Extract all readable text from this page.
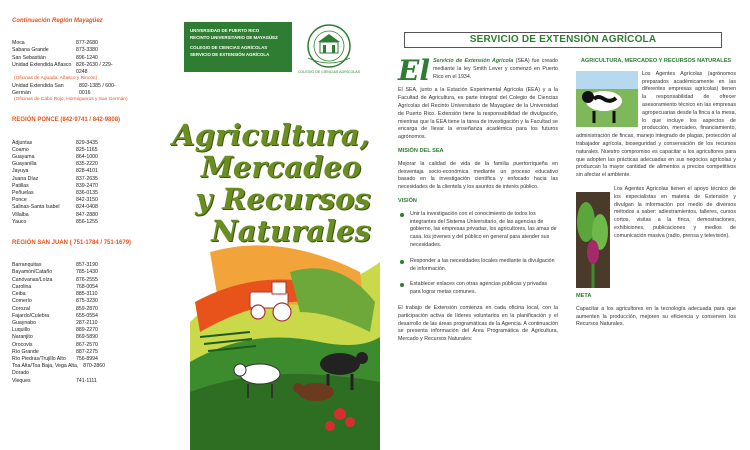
Continuación Región Mayagüez
Moca	877-2680
Sabana Grande	873-3380
San Sebastián	896-1240
Unidad Extendida Añasco 826-2630 / 229-0248
(Oficinas de Aguada, Añasco y Rincón)
Unidad Extendida San Germán
892-1385 / 600-0016
(Oficinas de Cabo Rojo, Hormigueros y San Germán)
REGIÓN PONCE (842-9741 / 842-9808)
Adjuntas	829-3435
Coamo	825-1165
Guayama	864-1000
Guayanilla	835-2220
Jayuya	828-4101
Juana Díaz	837-2635
Patillas	839-2470
Peñuelas	836-0135
Ponce	842-3150
Salinas-Santa Isabel	824-0408
Villalba	847-2880
Yauco	856-1255
REGIÓN SAN JUAN ( 751-1784 / 751-1679)
Barranquitas	857-3190
Bayamón/Cataño	785-1430
Canóvanas/Loíza	876-2555
Carolina	768-0054
Ceiba	885-3110
Comerío	875-3230
Corozal	859-2870
Fajardo/Culebra	655-0554
Guaynabo	287-2110
Luquillo	889-2270
Naranjito	869-5890
Orocovis	867-2570
Río Grande	887-2275
Río Piedras/Trujillo Alto 756-8994
Toa Alta/Toa Baja, Vega Alta, Dorado
870-2860
Vieques	741-1111
UNIVERSIDAD DE PUERTO RICO
RECINTO UNIVERSITARIO DE MAYAGÜEZ
COLEGIO DE CIENCIAS AGRÍCOLAS
SERVICIO DE EXTENSIÓN AGRÍCOLA
COLEGIO DE CIENCIAS AGRÍCOLAS
Agricultura,
Mercadeo
y Recursos
Naturales
SERVICIO DE EXTENSIÓN AGRÍCOLA
El Servicio de Extensión Agrícola (SEA) fue creado mediante la ley Smith Lever y comenzó en Puerto Rico en el 1934.

El SEA, junto a la Estación Experimental Agrícola (EEA) y a la Facultad de Agricultura, es parte integral del Colegio de Ciencias Agrícolas del Recinto Universitario de Mayagüez de la Universidad de Puerto Rico. Extensión tiene la responsabilidad de divulgación, mientras que la EEA tiene la tarea de investigación y la Facultad se encarga de llevar la enseñanza académica para los futuros agrónomos.

MISIÓN DEL SEA

Mejorar la calidad de vida de la familia puertorriqueña en desventaja socio-económica mediante un proceso educativo basado en la investigación científica y enfocado hacia las necesidades de la clientela y los asuntos de interés público.

VISIÓN
Unir la investigación con el conocimiento de todos los integrantes del Sistema Universitario, de las agencias de gobierno, las empresas privadas, los agricultores, las amas de casa, los jóvenes y del público en general para atender sus necesidades.
Responder a las necesidades locales mediante la divulgación de información.
Establecer enlaces con otras agencias públicas y privadas para lograr metas comunes.

El trabajo de Extensión comienza en cada oficina local, con la participación activa de líderes voluntarios en la planificación y el desarrollo de las áreas programáticas de la Agencia. A continuación se presenta información del Área Programática de Agricultura, Mercado y Recursos Naturales:

AGRICULTURA, MERCADEO Y RECURSOS NATURALES

Los Agentes Agrícolas (agrónomos preparados académicamente en las diferentes empresas agrícolas) tienen la responsabilidad de ofrecer asesoramiento técnico en las empresas agropecuarias desde la finca a la mesa, lo que incluye los aspectos de producción, mercadeo, financiamiento, administración de fincas, manejo integrado de plagas, protección al trabajador agrícola, bioseguridad y conservación de los recursos naturales. Nuestro compromiso es capacitar a los agricultores para que adopten las prácticas adecuadas en sus negocios agrícolas y produzcan la mayor cantidad de alimentos a precios competitivos sin afectar el ambiente.

Los Agentes Agrícolas tienen el apoyo técnico de los especialistas en materia de Extensión y divulgan la información por medio de diversos métodos a saber: adiestramientos, talleres, cursos cortos, visitas a la finca, demostraciones, exhibiciones, publicaciones y medios de comunicación masiva (radio, prensa y televisión).

META

Capacitar a los agricultores en la tecnología adecuada para que aumenten la producción, mejoren su eficiencia y conserven los Recursos Naturales.
